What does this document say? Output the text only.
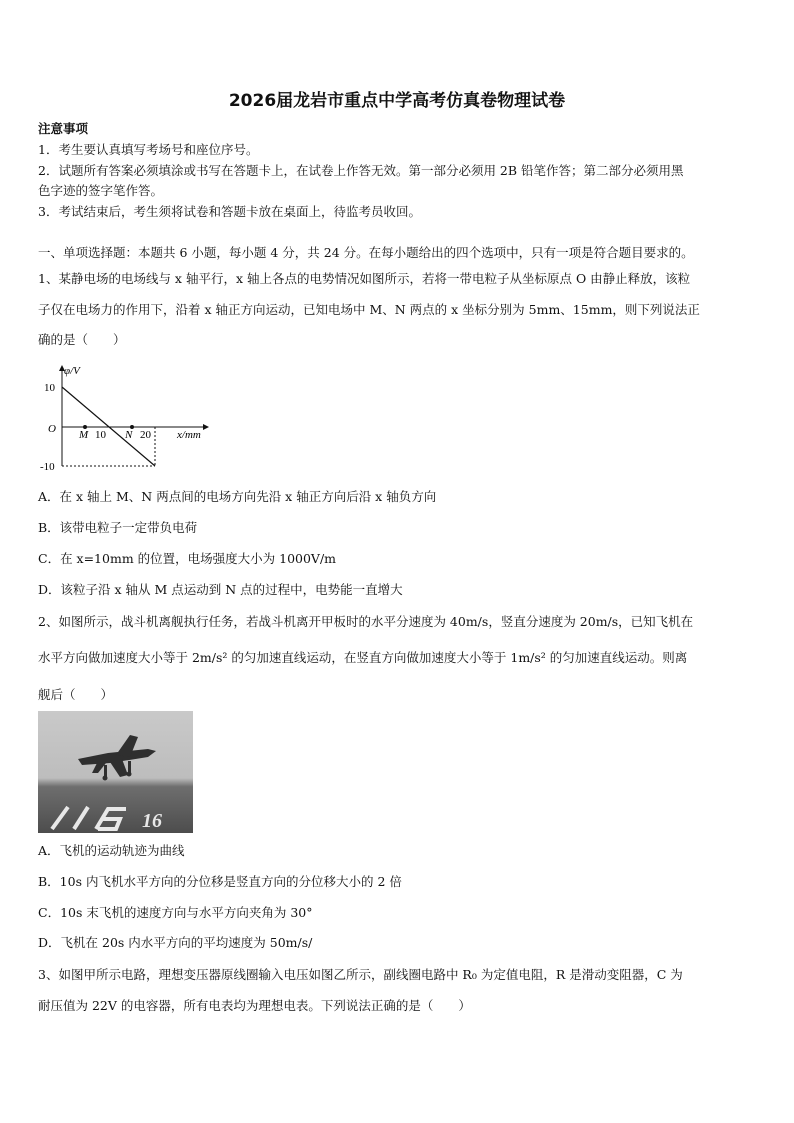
2026届龙岩市重点中学高考仿真卷物理试卷
注意事项
1．考生要认真填写考场号和座位序号。
2．试题所有答案必须填涂或书写在答题卡上，在试卷上作答无效。第一部分必须用 2B 铅笔作答；第二部分必须用黑
色字迹的签字笔作答。
3．考试结束后，考生须将试卷和答题卡放在桌面上，待监考员收回。
一、单项选择题：本题共 6 小题，每小题 4 分，共 24 分。在每小题给出的四个选项中，只有一项是符合题目要求的。
1、某静电场的电场线与 x 轴平行，x 轴上各点的电势情况如图所示，若将一带电粒子从坐标原点 O 由静止释放，该粒
子仅在电场力的作用下，沿着 x 轴正方向运动，已知电场中 M、N 两点的 x 坐标分别为 5mm、15mm，则下列说法正
确的是（　　）
φ/V
10
O
-10
M 10 N 20 x/mm
A．在 x 轴上 M、N 两点间的电场方向先沿 x 轴正方向后沿 x 轴负方向
B．该带电粒子一定带负电荷
C．在 x=10mm 的位置，电场强度大小为 1000V/m
D．该粒子沿 x 轴从 M 点运动到 N 点的过程中，电势能一直增大
2、如图所示，战斗机离舰执行任务，若战斗机离开甲板时的水平分速度为 40m/s，竖直分速度为 20m/s，已知飞机在
水平方向做加速度大小等于 2m/s² 的匀加速直线运动，在竖直方向做加速度大小等于 1m/s² 的匀加速直线运动。则离
舰后（　　）
16
A．飞机的运动轨迹为曲线
B．10s 内飞机水平方向的分位移是竖直方向的分位移大小的 2 倍
C．10s 末飞机的速度方向与水平方向夹角为 30°
D．飞机在 20s 内水平方向的平均速度为 50m/s/
3、如图甲所示电路，理想变压器原线圈输入电压如图乙所示，副线圈电路中 R₀ 为定值电阻，R 是滑动变阻器，C 为
耐压值为 22V 的电容器，所有电表均为理想电表。下列说法正确的是（　　）
